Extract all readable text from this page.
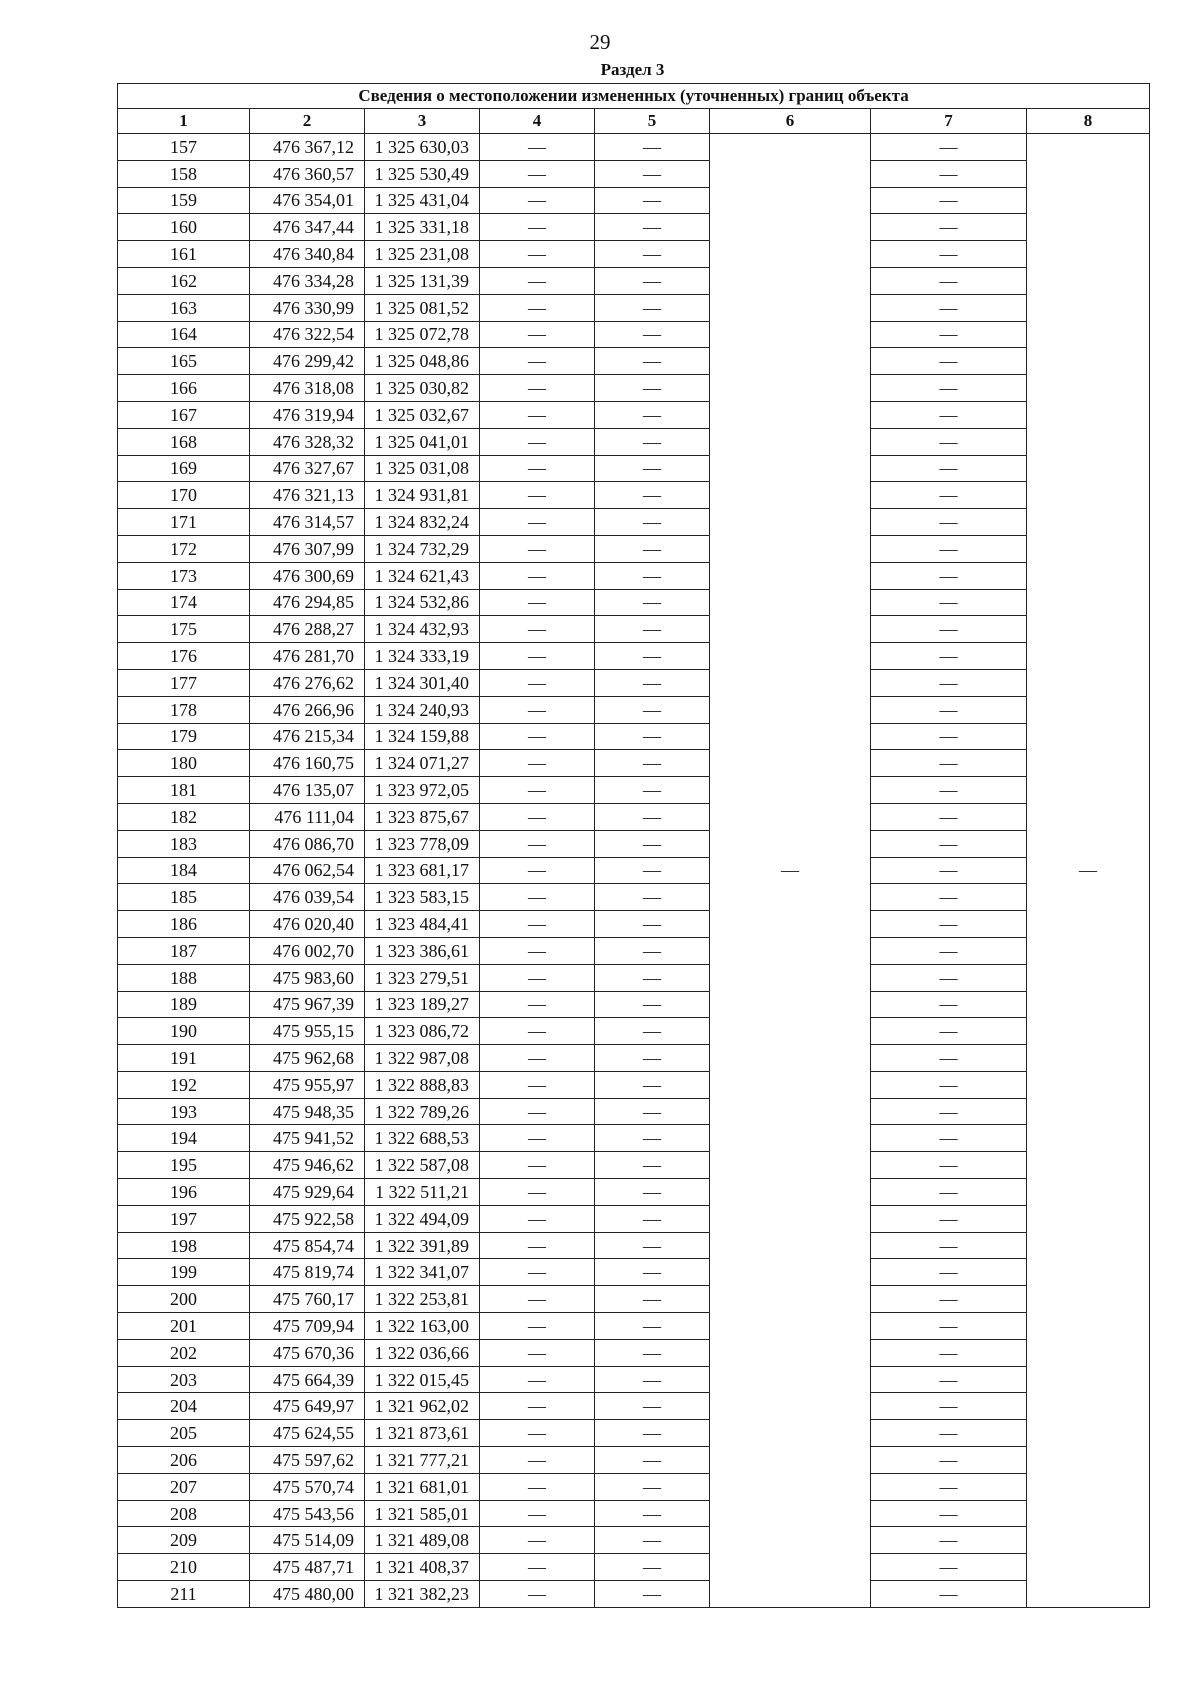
29
Раздел 3
Сведения о местоположении измененных (уточненных) границ объекта							
1	2	3	4	5	6	7	8
157	476 367,12	1 325 630,03	—	—	—	—	—
158	476 360,57	1 325 530,49	—	—		—	
159	476 354,01	1 325 431,04	—	—		—	
160	476 347,44	1 325 331,18	—	—		—	
161	476 340,84	1 325 231,08	—	—		—	
162	476 334,28	1 325 131,39	—	—		—	
163	476 330,99	1 325 081,52	—	—		—	
164	476 322,54	1 325 072,78	—	—		—	
165	476 299,42	1 325 048,86	—	—		—	
166	476 318,08	1 325 030,82	—	—		—	
167	476 319,94	1 325 032,67	—	—		—	
168	476 328,32	1 325 041,01	—	—		—	
169	476 327,67	1 325 031,08	—	—		—	
170	476 321,13	1 324 931,81	—	—		—	
171	476 314,57	1 324 832,24	—	—		—	
172	476 307,99	1 324 732,29	—	—		—	
173	476 300,69	1 324 621,43	—	—		—	
174	476 294,85	1 324 532,86	—	—		—	
175	476 288,27	1 324 432,93	—	—		—	
176	476 281,70	1 324 333,19	—	—		—	
177	476 276,62	1 324 301,40	—	—		—	
178	476 266,96	1 324 240,93	—	—		—	
179	476 215,34	1 324 159,88	—	—		—	
180	476 160,75	1 324 071,27	—	—		—	
181	476 135,07	1 323 972,05	—	—		—	
182	476 111,04	1 323 875,67	—	—		—	
183	476 086,70	1 323 778,09	—	—		—	
184	476 062,54	1 323 681,17	—	—		—	
185	476 039,54	1 323 583,15	—	—		—	
186	476 020,40	1 323 484,41	—	—		—	
187	476 002,70	1 323 386,61	—	—		—	
188	475 983,60	1 323 279,51	—	—		—	
189	475 967,39	1 323 189,27	—	—		—	
190	475 955,15	1 323 086,72	—	—		—	
191	475 962,68	1 322 987,08	—	—		—	
192	475 955,97	1 322 888,83	—	—		—	
193	475 948,35	1 322 789,26	—	—		—	
194	475 941,52	1 322 688,53	—	—		—	
195	475 946,62	1 322 587,08	—	—		—	
196	475 929,64	1 322 511,21	—	—		—	
197	475 922,58	1 322 494,09	—	—		—	
198	475 854,74	1 322 391,89	—	—		—	
199	475 819,74	1 322 341,07	—	—		—	
200	475 760,17	1 322 253,81	—	—		—	
201	475 709,94	1 322 163,00	—	—		—	
202	475 670,36	1 322 036,66	—	—		—	
203	475 664,39	1 322 015,45	—	—		—	
204	475 649,97	1 321 962,02	—	—		—	
205	475 624,55	1 321 873,61	—	—		—	
206	475 597,62	1 321 777,21	—	—		—	
207	475 570,74	1 321 681,01	—	—		—	
208	475 543,56	1 321 585,01	—	—		—	
209	475 514,09	1 321 489,08	—	—		—	
210	475 487,71	1 321 408,37	—	—		—	
211	475 480,00	1 321 382,23	—	—		—	
